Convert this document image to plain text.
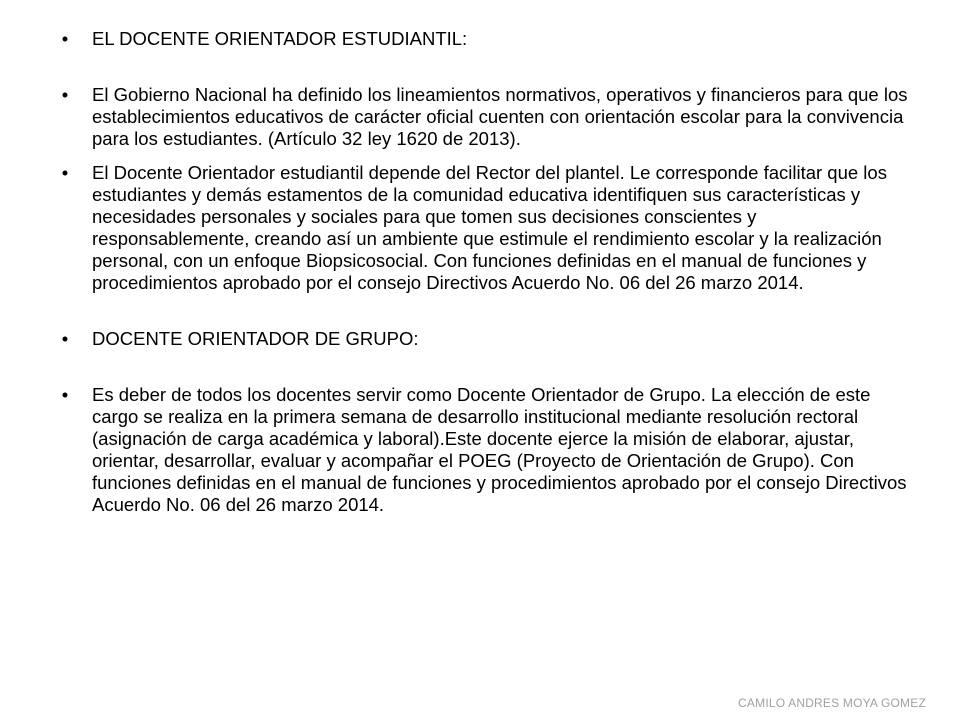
• EL DOCENTE ORIENTADOR ESTUDIANTIL:
• El Gobierno Nacional ha definido los lineamientos normativos, operativos y financieros para que los establecimientos educativos de carácter oficial cuenten con orientación escolar para la convivencia para los estudiantes. (Artículo 32 ley 1620 de 2013).
• El Docente Orientador estudiantil depende del Rector del plantel. Le corresponde facilitar que los estudiantes y demás estamentos de la comunidad educativa identifiquen sus características y necesidades personales y sociales para que tomen sus decisiones conscientes y responsablemente, creando así un ambiente que estimule el rendimiento escolar y la realización personal, con un enfoque Biopsicosocial. Con funciones definidas en el manual de funciones y procedimientos aprobado por el consejo Directivos Acuerdo No. 06 del 26 marzo 2014.
• DOCENTE ORIENTADOR DE GRUPO:
• Es deber de todos los docentes servir como Docente Orientador de Grupo. La elección de este cargo se realiza en la primera semana de desarrollo institucional mediante resolución rectoral (asignación de carga académica y laboral).Este docente ejerce la misión de elaborar, ajustar, orientar, desarrollar, evaluar y acompañar el POEG (Proyecto de Orientación de Grupo). Con funciones definidas en el manual de funciones y procedimientos aprobado por el consejo Directivos Acuerdo No. 06 del 26 marzo 2014.
CAMILO ANDRES MOYA GOMEZ
